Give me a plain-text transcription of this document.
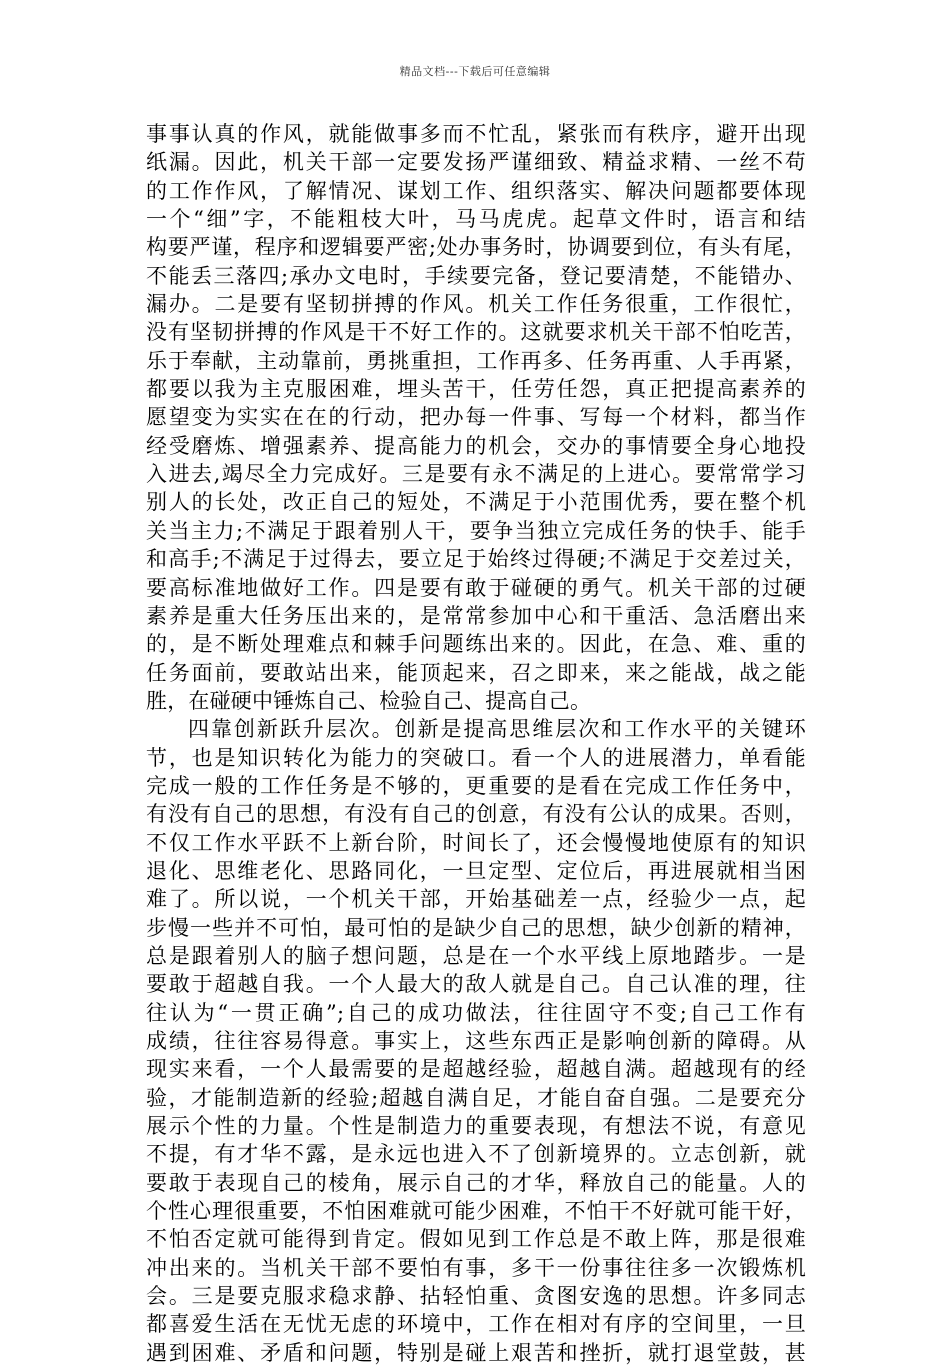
精品文档---下载后可任意编辑
事事认真的作风，就能做事多而不忙乱，紧张而有秩序，避开出现
纸漏。因此，机关干部一定要发扬严谨细致、精益求精、一丝不苟
的工作作风，了解情况、谋划工作、组织落实、解决问题都要体现
一个“细”字，不能粗枝大叶，马马虎虎。起草文件时，语言和结
构要严谨，程序和逻辑要严密;处办事务时，协调要到位，有头有尾，
不能丢三落四;承办文电时，手续要完备，登记要清楚，不能错办、
漏办。二是要有坚韧拼搏的作风。机关工作任务很重，工作很忙，
没有坚韧拼搏的作风是干不好工作的。这就要求机关干部不怕吃苦，
乐于奉献，主动靠前，勇挑重担，工作再多、任务再重、人手再紧，
都要以我为主克服困难，埋头苦干，任劳任怨，真正把提高素养的
愿望变为实实在在的行动，把办每一件事、写每一个材料，都当作
经受磨炼、增强素养、提高能力的机会，交办的事情要全身心地投
入进去,竭尽全力完成好。三是要有永不满足的上进心。要常常学习
别人的长处，改正自己的短处，不满足于小范围优秀，要在整个机
关当主力;不满足于跟着别人干，要争当独立完成任务的快手、能手
和高手;不满足于过得去，要立足于始终过得硬;不满足于交差过关，
要高标准地做好工作。四是要有敢于碰硬的勇气。机关干部的过硬
素养是重大任务压出来的，是常常参加中心和干重活、急活磨出来
的，是不断处理难点和棘手问题练出来的。因此，在急、难、重的
任务面前，要敢站出来，能顶起来，召之即来，来之能战，战之能
胜，在碰硬中锤炼自己、检验自己、提高自己。
四靠创新跃升层次。创新是提高思维层次和工作水平的关键环
节，也是知识转化为能力的突破口。看一个人的进展潜力，单看能
完成一般的工作任务是不够的，更重要的是看在完成工作任务中，
有没有自己的思想，有没有自己的创意，有没有公认的成果。否则，
不仅工作水平跃不上新台阶，时间长了，还会慢慢地使原有的知识
退化、思维老化、思路同化，一旦定型、定位后，再进展就相当困
难了。所以说，一个机关干部，开始基础差一点，经验少一点，起
步慢一些并不可怕，最可怕的是缺少自己的思想，缺少创新的精神，
总是跟着别人的脑子想问题，总是在一个水平线上原地踏步。一是
要敢于超越自我。一个人最大的敌人就是自己。自己认准的理，往
往认为“一贯正确”;自己的成功做法，往往固守不变;自己工作有
成绩，往往容易得意。事实上，这些东西正是影响创新的障碍。从
现实来看，一个人最需要的是超越经验，超越自满。超越现有的经
验，才能制造新的经验;超越自满自足，才能自奋自强。二是要充分
展示个性的力量。个性是制造力的重要表现，有想法不说，有意见
不提，有才华不露，是永远也进入不了创新境界的。立志创新，就
要敢于表现自己的棱角，展示自己的才华，释放自己的能量。人的
个性心理很重要，不怕困难就可能少困难，不怕干不好就可能干好，
不怕否定就可能得到肯定。假如见到工作总是不敢上阵，那是很难
冲出来的。当机关干部不要怕有事，多干一份事往往多一次锻炼机
会。三是要克服求稳求静、拈轻怕重、贪图安逸的思想。许多同志
都喜爱生活在无忧无虑的环境中，工作在相对有序的空间里，一旦
遇到困难、矛盾和问题，特别是碰上艰苦和挫折，就打退堂鼓，甚
